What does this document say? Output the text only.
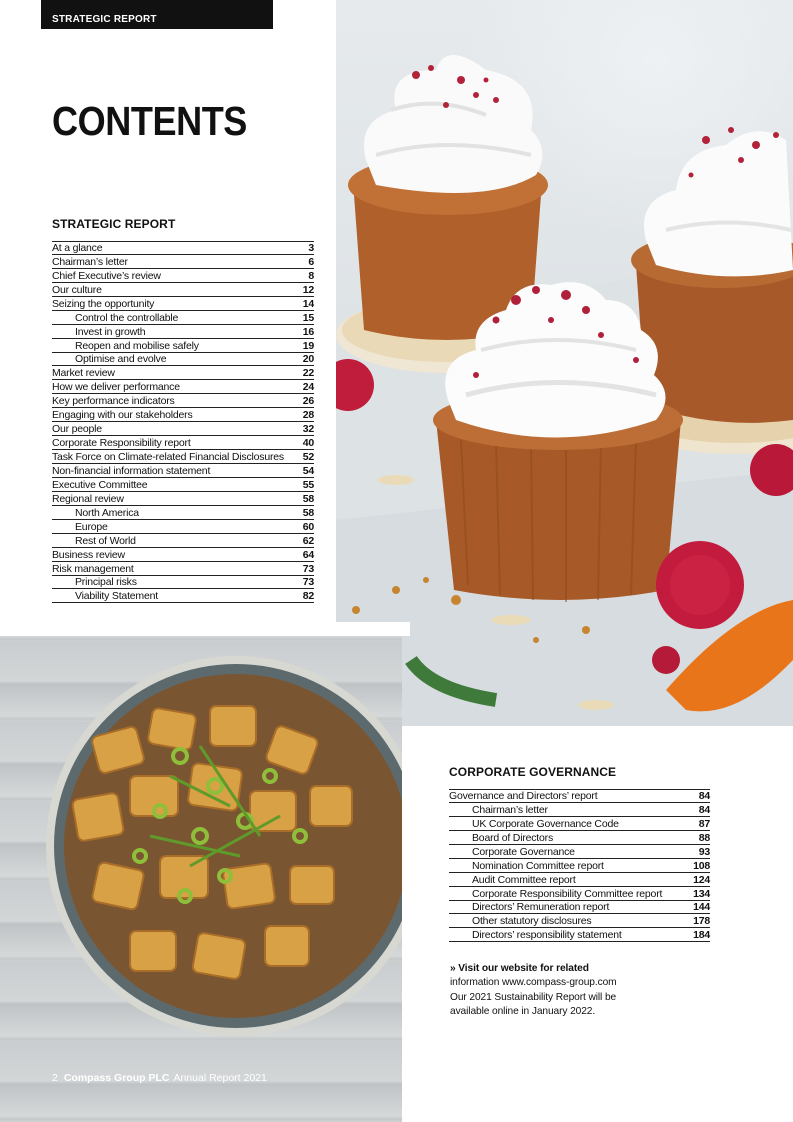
STRATEGIC REPORT
CONTENTS
STRATEGIC REPORT
At a glance	3
Chairman’s letter	6
Chief Executive’s review	8
Our culture	12
Seizing the opportunity	14
Control the controllable	15
Invest in growth	16
Reopen and mobilise safely	19
Optimise and evolve	20
Market review	22
How we deliver performance	24
Key performance indicators	26
Engaging with our stakeholders	28
Our people	32
Corporate Responsibility report	40
Task Force on Climate-related Financial Disclosures 52
Non-financial information statement	54
Executive Committee	55
Regional review	58
North America	58
Europe	60
Rest of World	62
Business review	64
Risk management	73
Principal risks	73
Viability Statement	82
CORPORATE GOVERNANCE
Governance and Directors’ report	84
Chairman’s letter	84
UK Corporate Governance Code	87
Board of Directors	88
Corporate Governance	93
Nomination Committee report	108
Audit Committee report	124
Corporate Responsibility Committee report	134
Directors’ Remuneration report	144
Other statutory disclosures	178
Directors’ responsibility statement	184
» Visit our website for related
information www.compass-group.com
Our 2021 Sustainability Report will be
available online in January 2022.
2 Compass Group PLC Annual Report 2021
